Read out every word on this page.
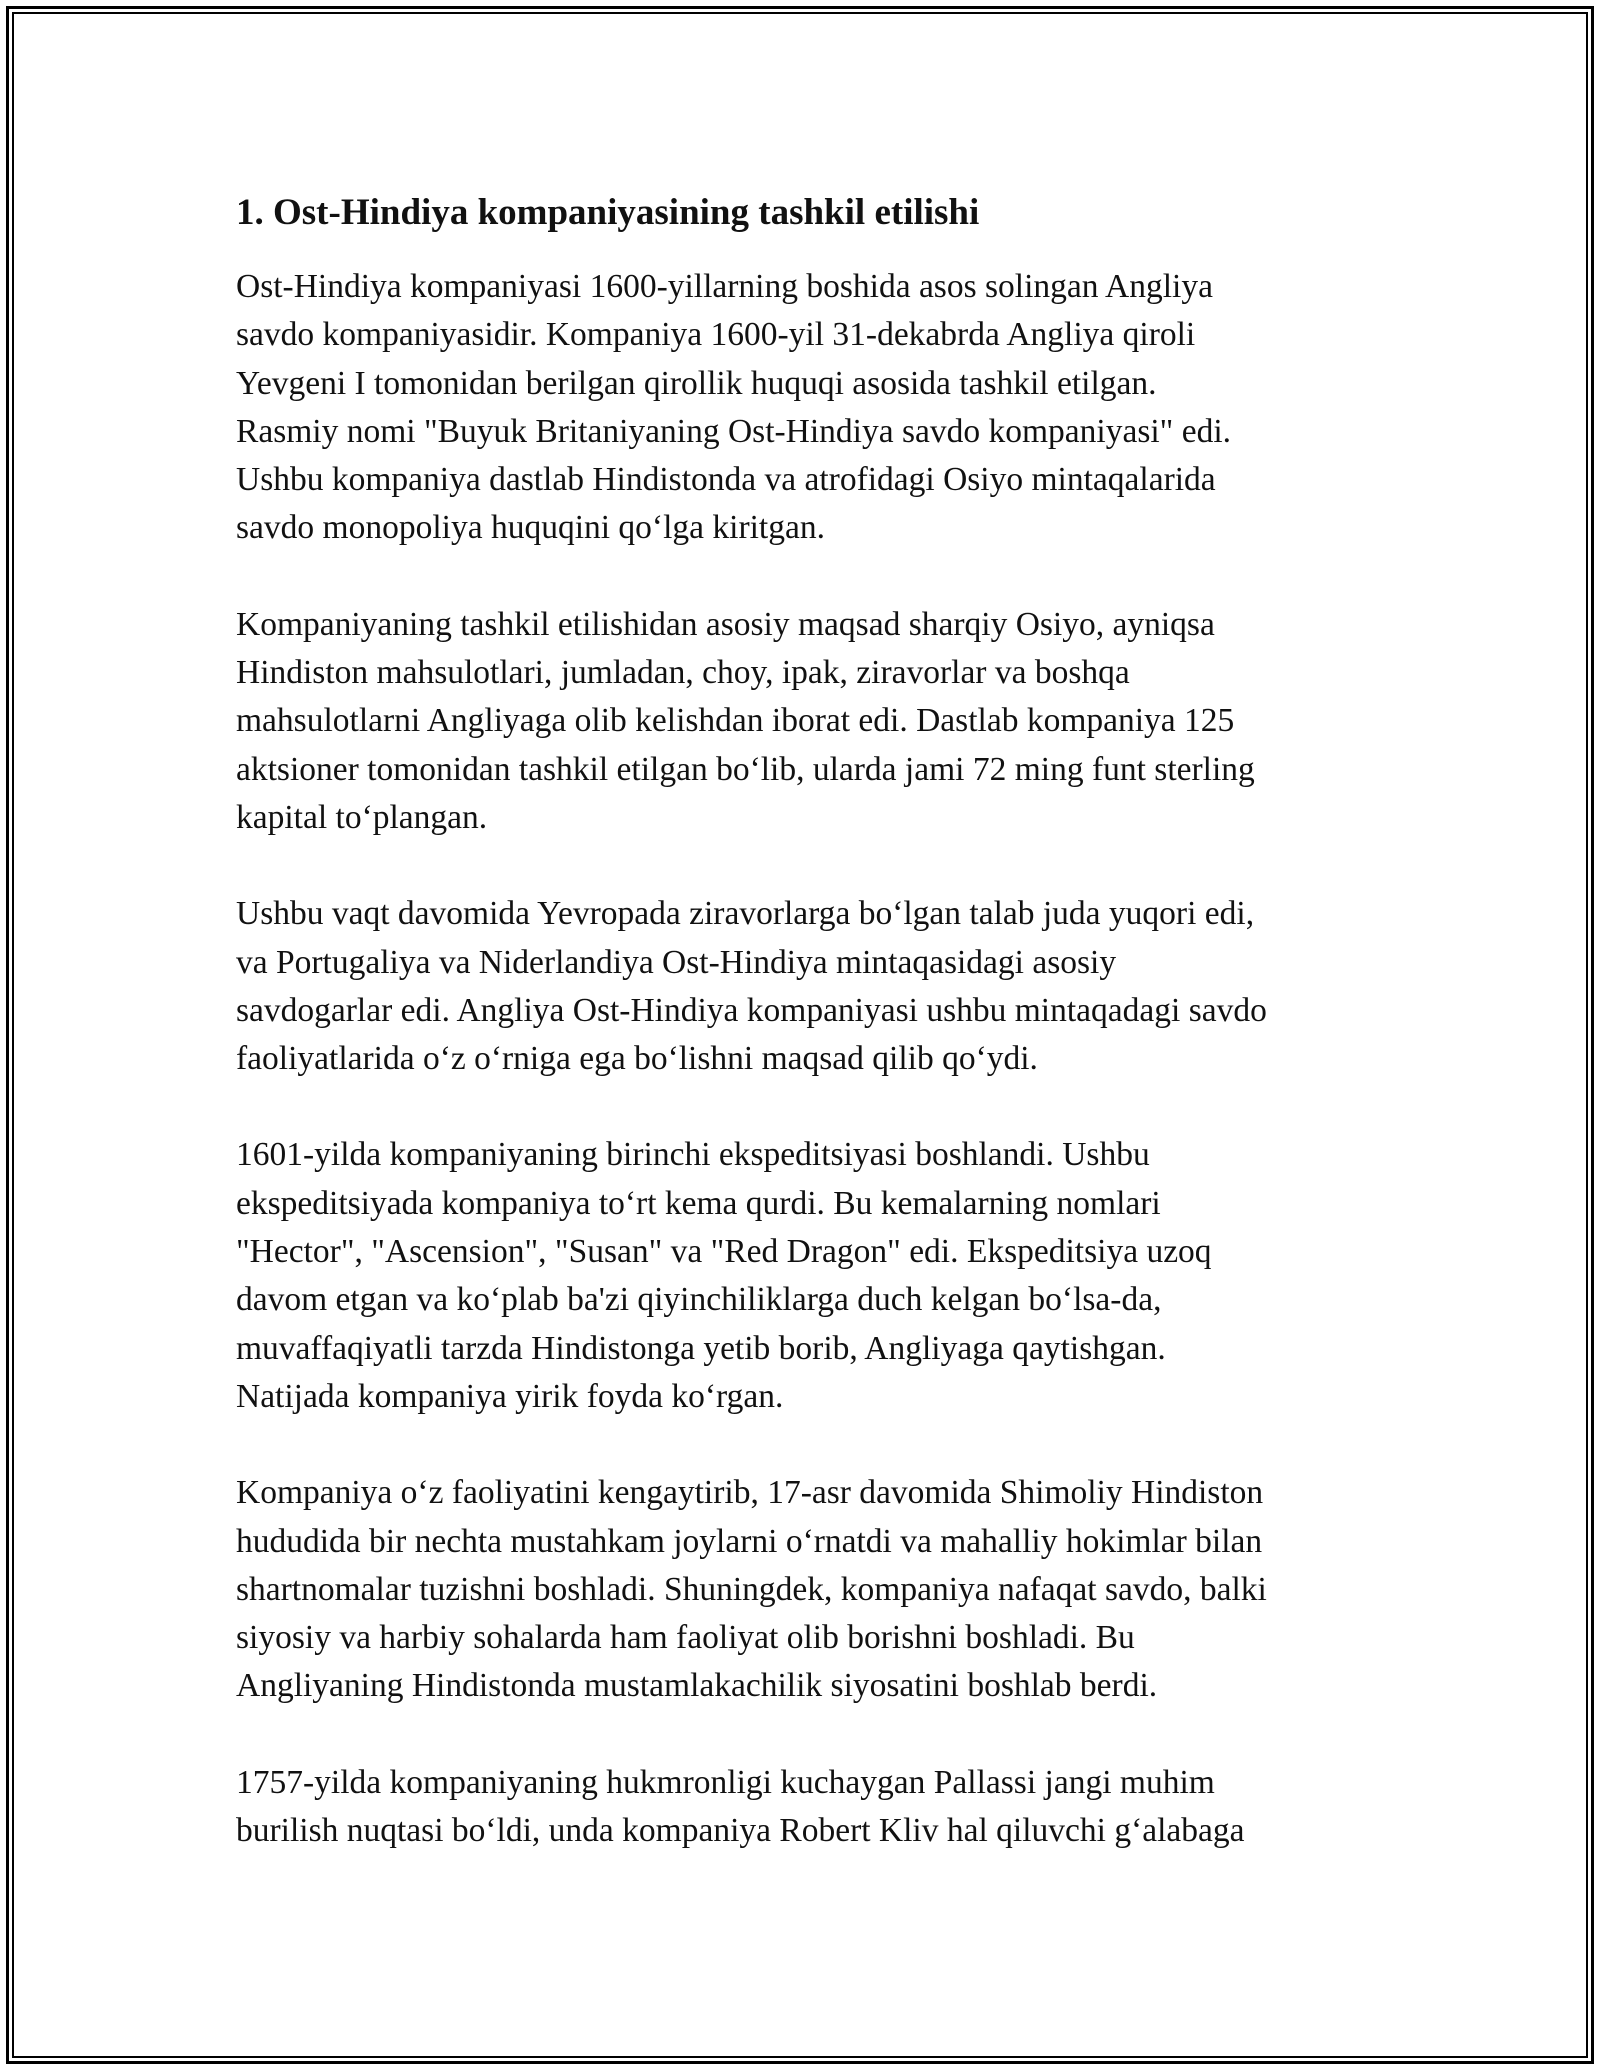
1. Ost-Hindiya kompaniyasining tashkil etilishi
Ost-Hindiya kompaniyasi 1600-yillarning boshida asos solingan Angliya
savdo kompaniyasidir. Kompaniya 1600-yil 31-dekabrda Angliya qiroli
Yevgeni I tomonidan berilgan qirollik huquqi asosida tashkil etilgan.
Rasmiy nomi "Buyuk Britaniyaning Ost-Hindiya savdo kompaniyasi" edi.
Ushbu kompaniya dastlab Hindistonda va atrofidagi Osiyo mintaqalarida
savdo monopoliya huquqini qo‘lga kiritgan.
Kompaniyaning tashkil etilishidan asosiy maqsad sharqiy Osiyo, ayniqsa
Hindiston mahsulotlari, jumladan, choy, ipak, ziravorlar va boshqa
mahsulotlarni Angliyaga olib kelishdan iborat edi. Dastlab kompaniya 125
aktsioner tomonidan tashkil etilgan bo‘lib, ularda jami 72 ming funt sterling
kapital to‘plangan.
Ushbu vaqt davomida Yevropada ziravorlarga bo‘lgan talab juda yuqori edi,
va Portugaliya va Niderlandiya Ost-Hindiya mintaqasidagi asosiy
savdogarlar edi. Angliya Ost-Hindiya kompaniyasi ushbu mintaqadagi savdo
faoliyatlarida o‘z o‘rniga ega bo‘lishni maqsad qilib qo‘ydi.
1601-yilda kompaniyaning birinchi ekspeditsiyasi boshlandi. Ushbu
ekspeditsiyada kompaniya to‘rt kema qurdi. Bu kemalarning nomlari
"Hector", "Ascension", "Susan" va "Red Dragon" edi. Ekspeditsiya uzoq
davom etgan va ko‘plab ba'zi qiyinchiliklarga duch kelgan bo‘lsa-da,
muvaffaqiyatli tarzda Hindistonga yetib borib, Angliyaga qaytishgan.
Natijada kompaniya yirik foyda ko‘rgan.
Kompaniya o‘z faoliyatini kengaytirib, 17-asr davomida Shimoliy Hindiston
hududida bir nechta mustahkam joylarni o‘rnatdi va mahalliy hokimlar bilan
shartnomalar tuzishni boshladi. Shuningdek, kompaniya nafaqat savdo, balki
siyosiy va harbiy sohalarda ham faoliyat olib borishni boshladi. Bu
Angliyaning Hindistonda mustamlakachilik siyosatini boshlab berdi.
1757-yilda kompaniyaning hukmronligi kuchaygan Pallassi jangi muhim
burilish nuqtasi bo‘ldi, unda kompaniya Robert Kliv hal qiluvchi g‘alabaga
